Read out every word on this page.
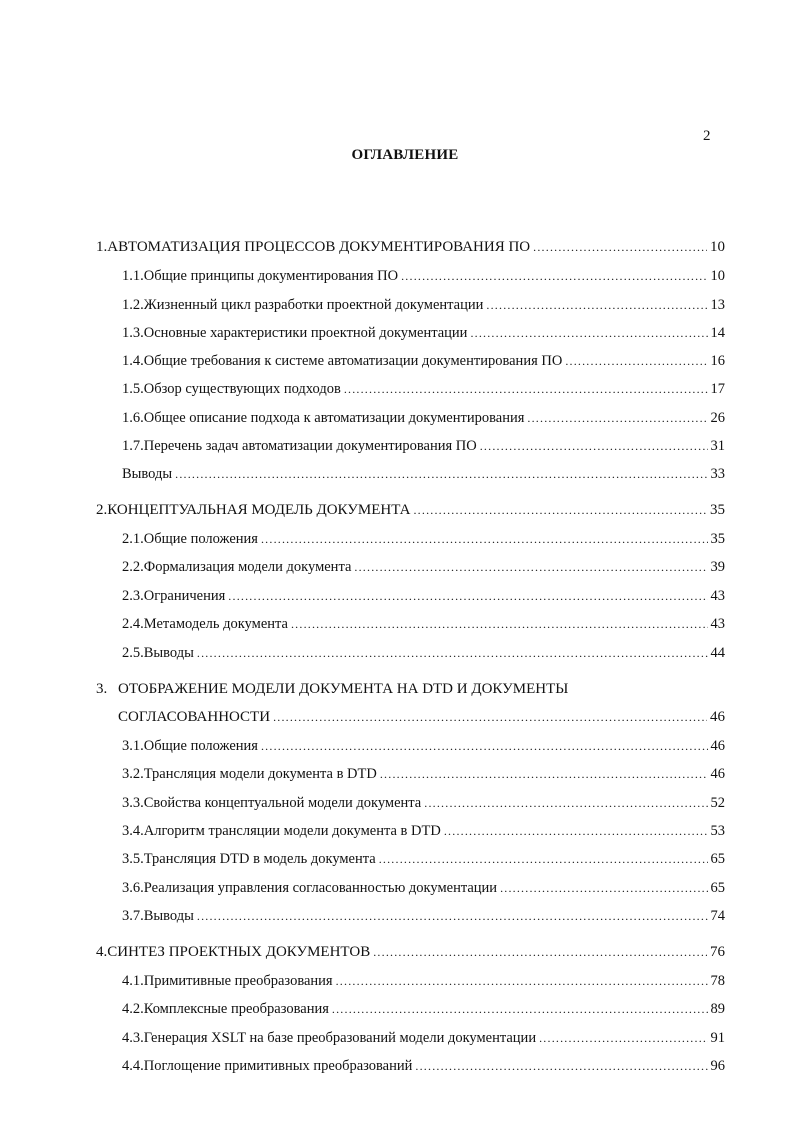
2
ОГЛАВЛЕНИЕ
1. АВТОМАТИЗАЦИЯ ПРОЦЕССОВ ДОКУМЕНТИРОВАНИЯ ПО .....	10
1.1. Общие принципы документирования ПО .....	10
1.2. Жизненный цикл разработки проектной документации .....	13
1.3. Основные характеристики проектной документации .....	14
1.4. Общие требования к системе автоматизации документирования ПО .....	16
1.5. Обзор существующих подходов .....	17
1.6. Общее описание подхода к автоматизации документирования .....	26
1.7. Перечень задач автоматизации документирования ПО .....	31
Выводы .....	33
2. КОНЦЕПТУАЛЬНАЯ МОДЕЛЬ ДОКУМЕНТА .....	35
2.1. Общие положения .....	35
2.2. Формализация модели документа .....	39
2.3. Ограничения .....	43
2.4. Метамодель документа .....	43
2.5. Выводы .....	44
3. ОТОБРАЖЕНИЕ МОДЕЛИ ДОКУМЕНТА НА DTD И ДОКУМЕНТЫ
СОГЛАСОВАННОСТИ .....	46
3.1. Общие положения .....	46
3.2. Трансляция модели документа в DTD .....	46
3.3. Свойства концептуальной модели документа .....	52
3.4. Алгоритм трансляции модели документа в DTD .....	53
3.5. Трансляция DTD в модель документа .....	65
3.6. Реализация управления согласованностью документации .....	65
3.7. Выводы .....	74
4. СИНТЕЗ ПРОЕКТНЫХ ДОКУМЕНТОВ .....	76
4.1. Примитивные преобразования .....	78
4.2. Комплексные преобразования .....	89
4.3. Генерация XSLT на базе преобразований модели документации .....	91
4.4. Поглощение примитивных преобразований .....	96
